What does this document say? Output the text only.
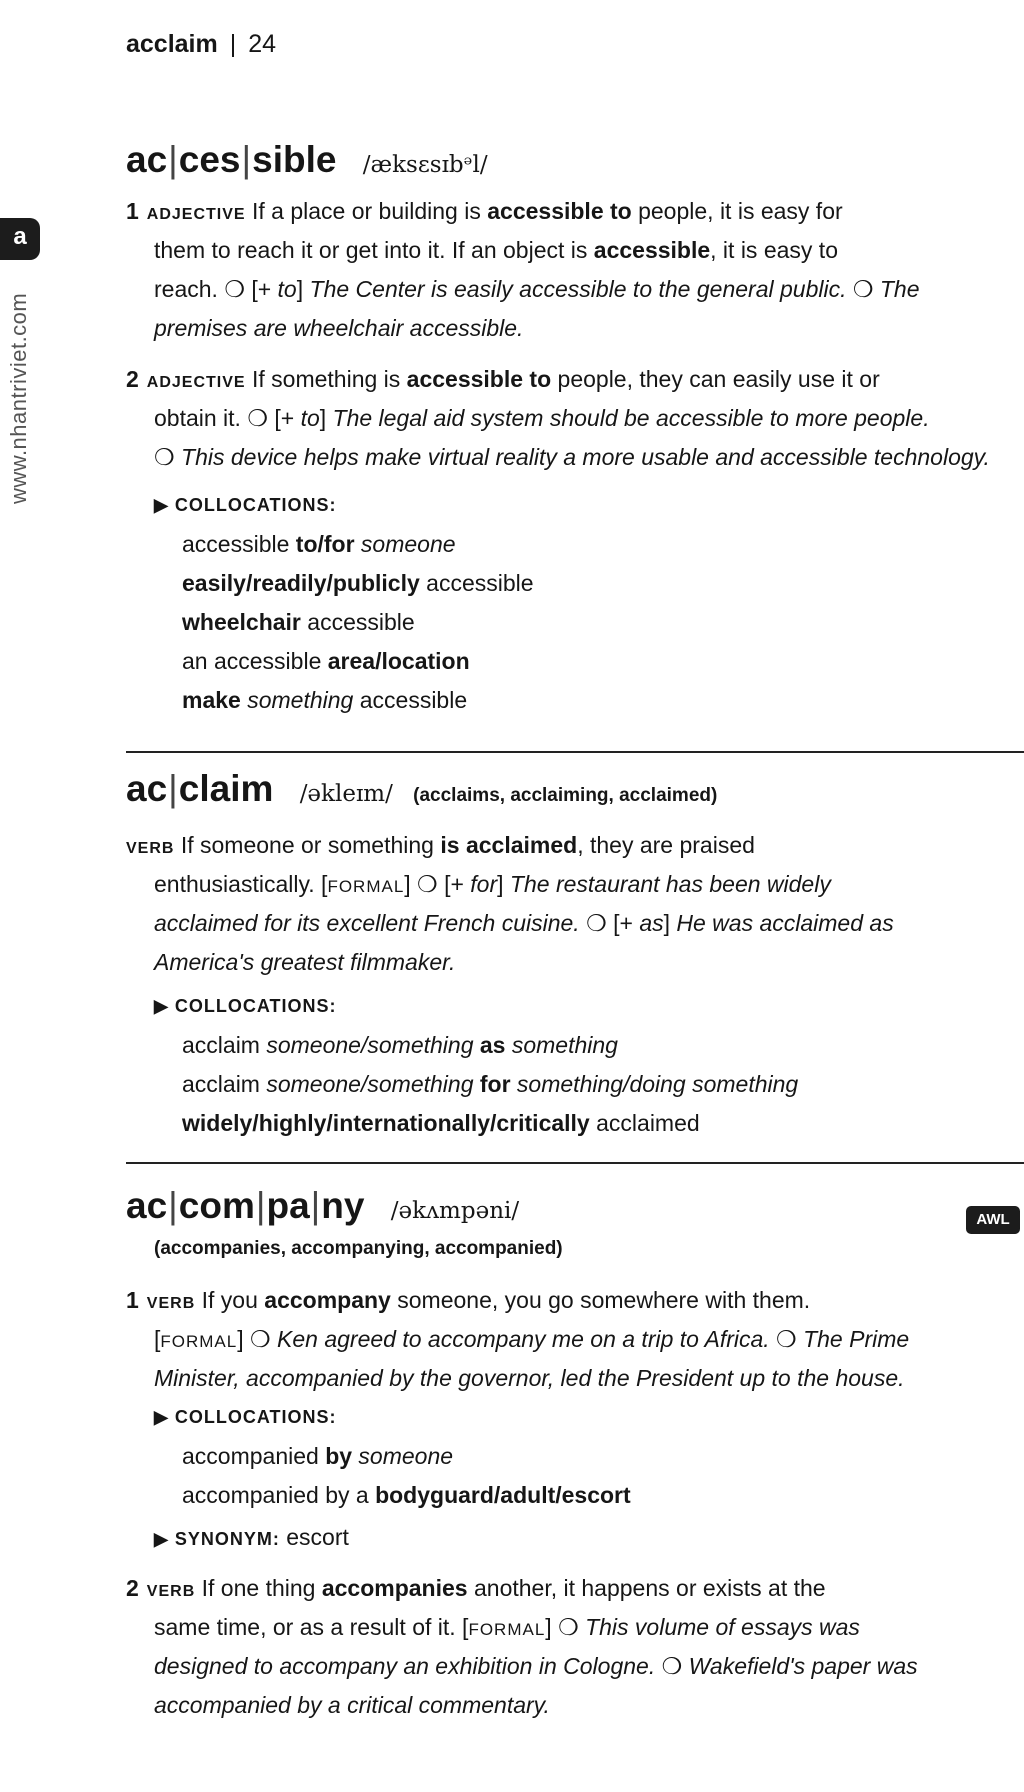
acclaim | 24
a
www.nhantriviet.com
ac|ces|sible /æksɛsɪbᵊl/
1 ADJECTIVE If a place or building is accessible to people, it is easy for
them to reach it or get into it. If an object is accessible, it is easy to
reach. ❍ [+ to] The Center is easily accessible to the general public. ❍ The
premises are wheelchair accessible.
2 ADJECTIVE If something is accessible to people, they can easily use it or
obtain it. ❍ [+ to] The legal aid system should be accessible to more people.
❍ This device helps make virtual reality a more usable and accessible technology.
▶ COLLOCATIONS:
accessible to/for someone
easily/readily/publicly accessible
wheelchair accessible
an accessible area/location
make something accessible
ac|claim /əkleɪm/ (acclaims, acclaiming, acclaimed)
VERB If someone or something is acclaimed, they are praised
enthusiastically. [FORMAL] ❍ [+ for] The restaurant has been widely
acclaimed for its excellent French cuisine. ❍ [+ as] He was acclaimed as
America's greatest filmmaker.
▶ COLLOCATIONS:
acclaim someone/something as something
acclaim someone/something for something/doing something
widely/highly/internationally/critically acclaimed
ac|com|pa|ny /əkʌmpəni/	AWL
(accompanies, accompanying, accompanied)
1 VERB If you accompany someone, you go somewhere with them.
[FORMAL] ❍ Ken agreed to accompany me on a trip to Africa. ❍ The Prime
Minister, accompanied by the governor, led the President up to the house.
▶ COLLOCATIONS:
accompanied by someone
accompanied by a bodyguard/adult/escort
▶ SYNONYM: escort
2 VERB If one thing accompanies another, it happens or exists at the
same time, or as a result of it. [FORMAL] ❍ This volume of essays was
designed to accompany an exhibition in Cologne. ❍ Wakefield's paper was
accompanied by a critical commentary.
